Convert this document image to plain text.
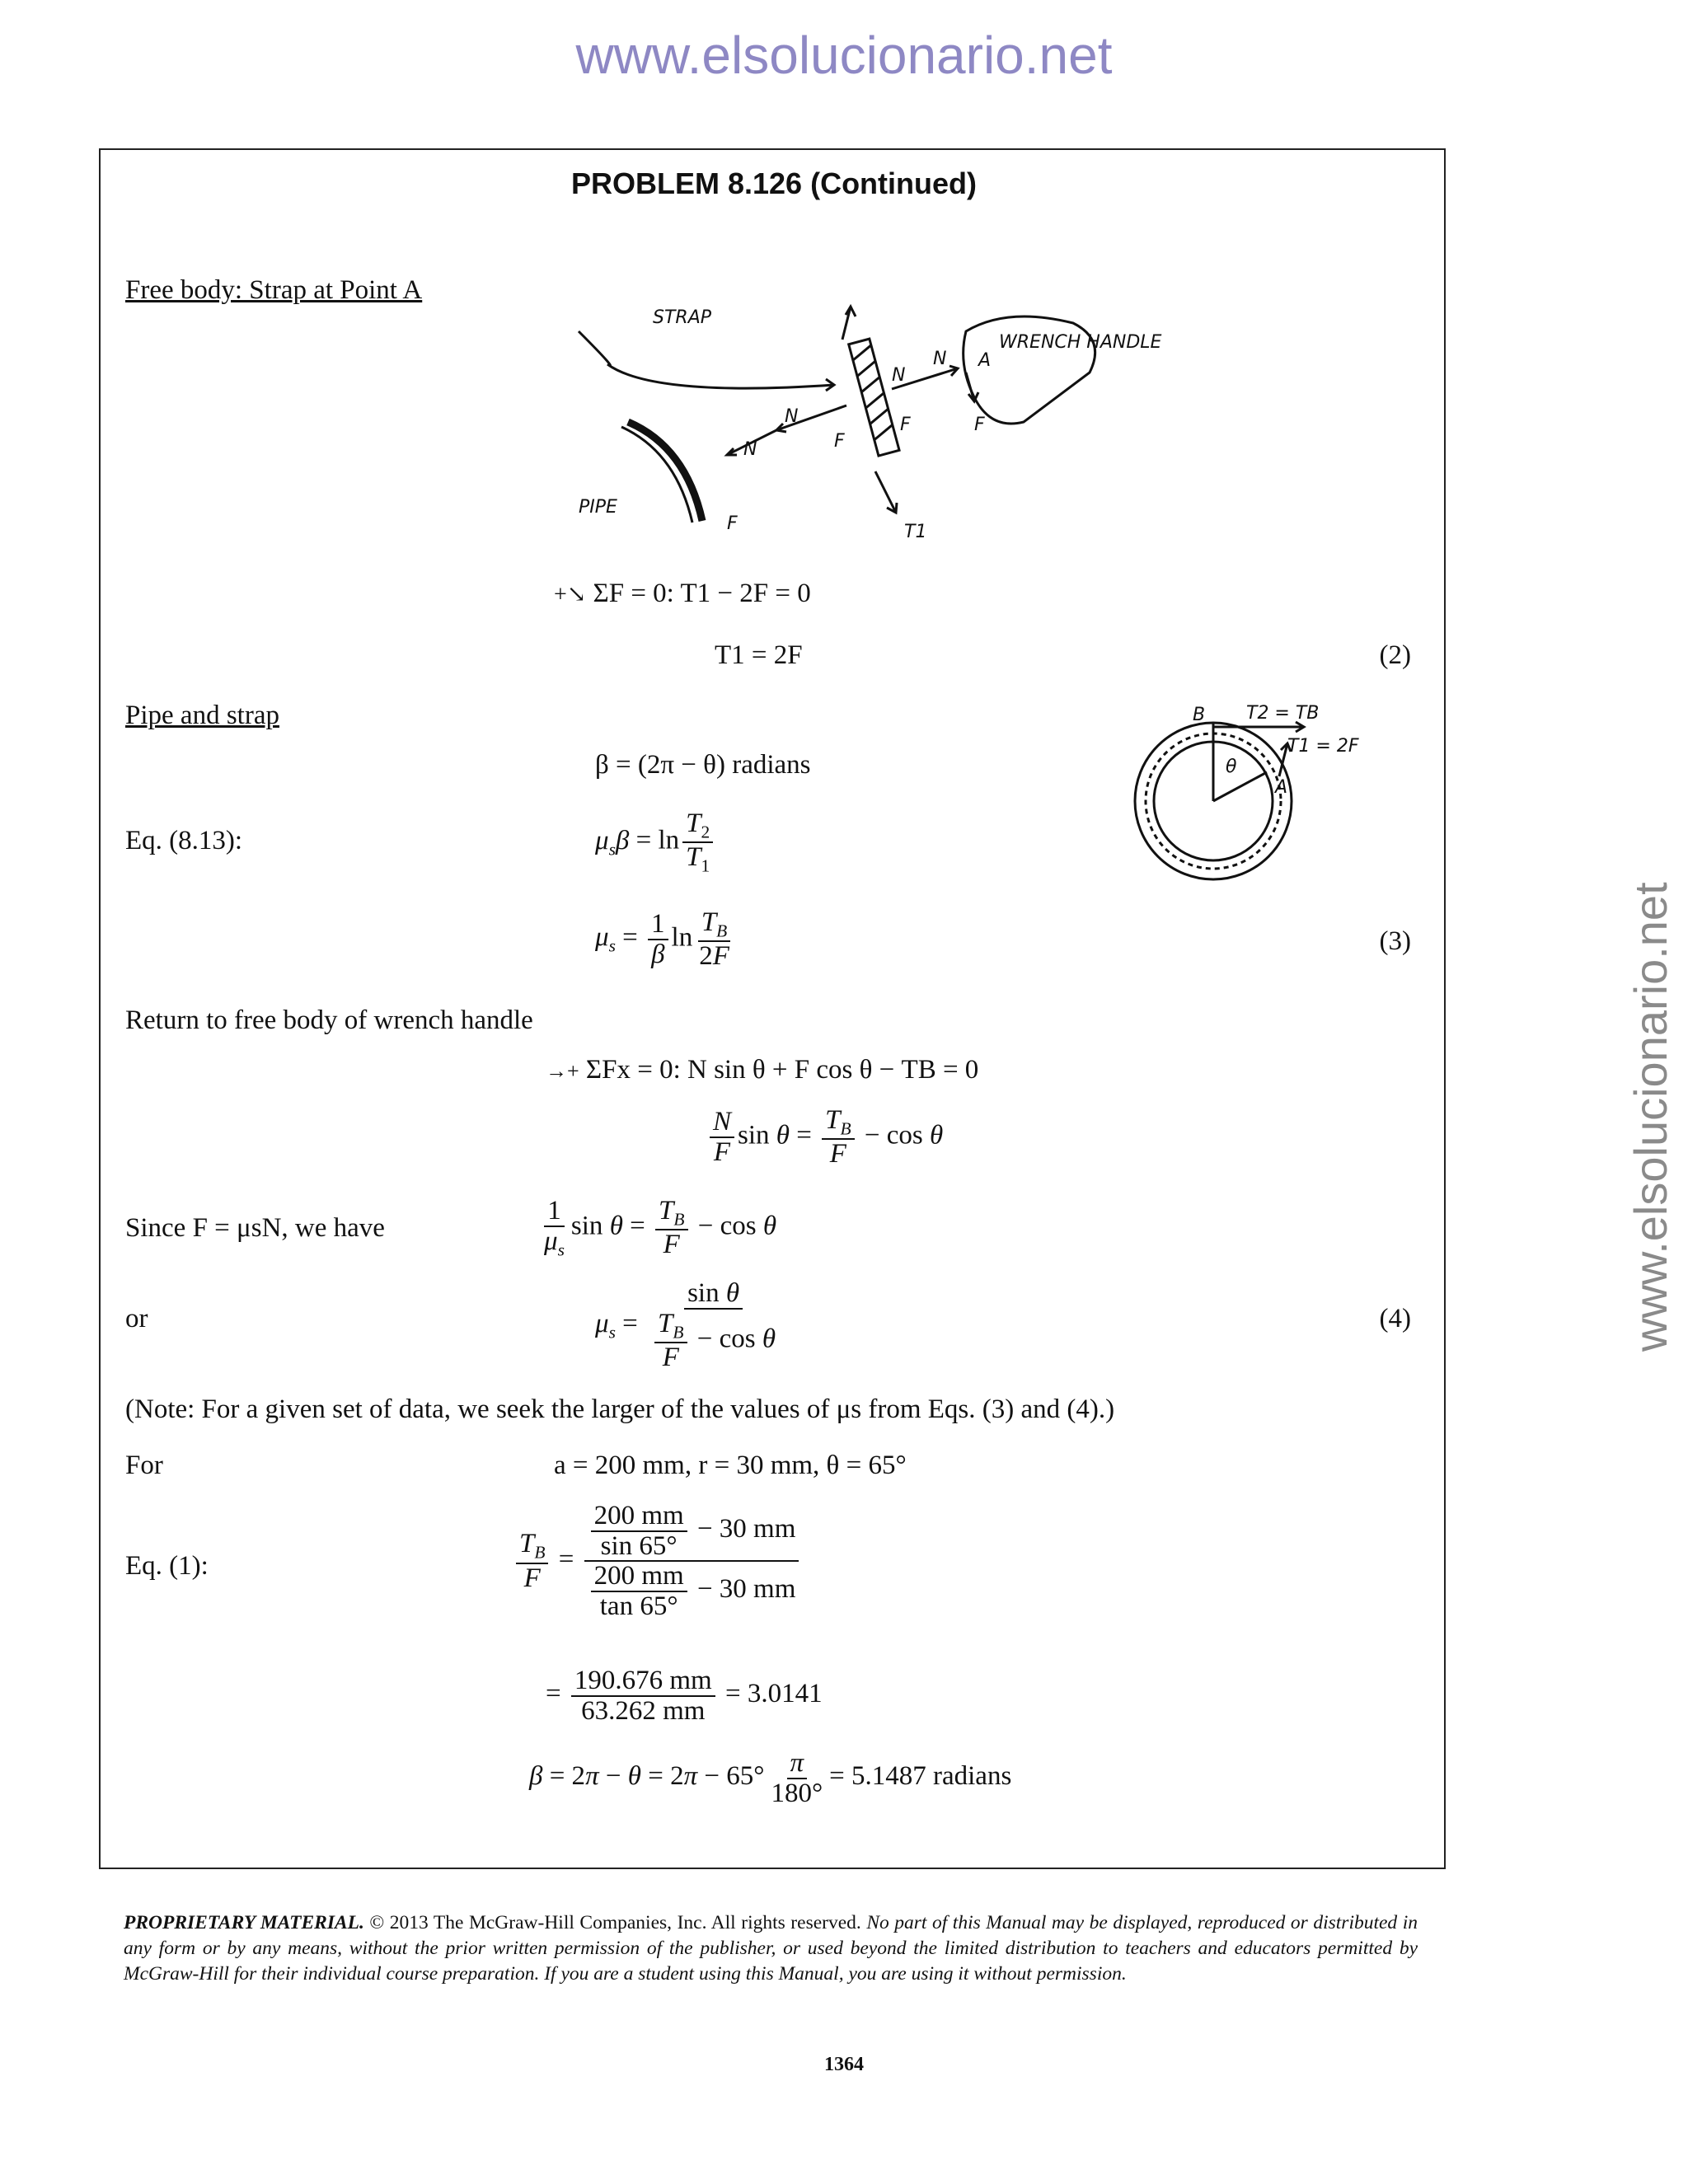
www.elsolucionario.net
www.elsolucionario.net
PROBLEM 8.126 (Continued)
Free body: Strap at Point A
STRAP
WRENCH HANDLE
PIPE
N
N
N
N
F
F
F
F	T1
A
+↘ ΣF = 0: T1 − 2F = 0
T1 = 2F	(2)
Pipe and strap
β = (2π − θ) radians
B T2 = TB
T1 = 2F
A
θ
Eq. (8.13):	$\mu_s\beta = \ln \frac{T_2}{T_1}$
$\mu_s = \frac{1}{\beta}$ $\ln \frac{T_B}{2F}$	(3)
Return to free body of wrench handle
→+ ΣFx = 0: N sin θ + F cos θ − TB = 0
$\frac{N}{F}$ $\sin \theta = \frac{T_B}{F} - \cos \theta$
Since F = μsN, we have	$\frac{1}{\mu_s}$ $\sin \theta = \frac{T_B}{F} - \cos \theta$
or	$\mu_s = \frac{\text{sin θ}}{\frac{T_B}{F} - \cos \theta}$	(4)
(Note: For a given set of data, we seek the larger of the values of μs from Eqs. (3) and (4).)
For	a = 200 mm, r = 30 mm, θ = 65°
Eq. (1):	$\frac{T_B}{F} = \frac{\frac{200 mm}{\sin 65^\circ} - 30 mm}{\frac{200 mm}{\tan 65^\circ} - 30 mm}$
= $\frac{190.676 mm}{63.262 mm} = 3.0141$
$\beta = 2\pi - \theta = 2\pi - 65^\circ \frac{\pi}{180^\circ} = 5.1487$ radians
PROPRIETARY MATERIAL. © 2013 The McGraw-Hill Companies, Inc. All rights reserved. No part of this Manual may be displayed, reproduced or distributed in any form or by any means, without the prior written permission of the publisher, or used beyond the limited distribution to teachers and educators permitted by McGraw-Hill for their individual course preparation. If you are a student using this Manual, you are using it without permission.
1364
